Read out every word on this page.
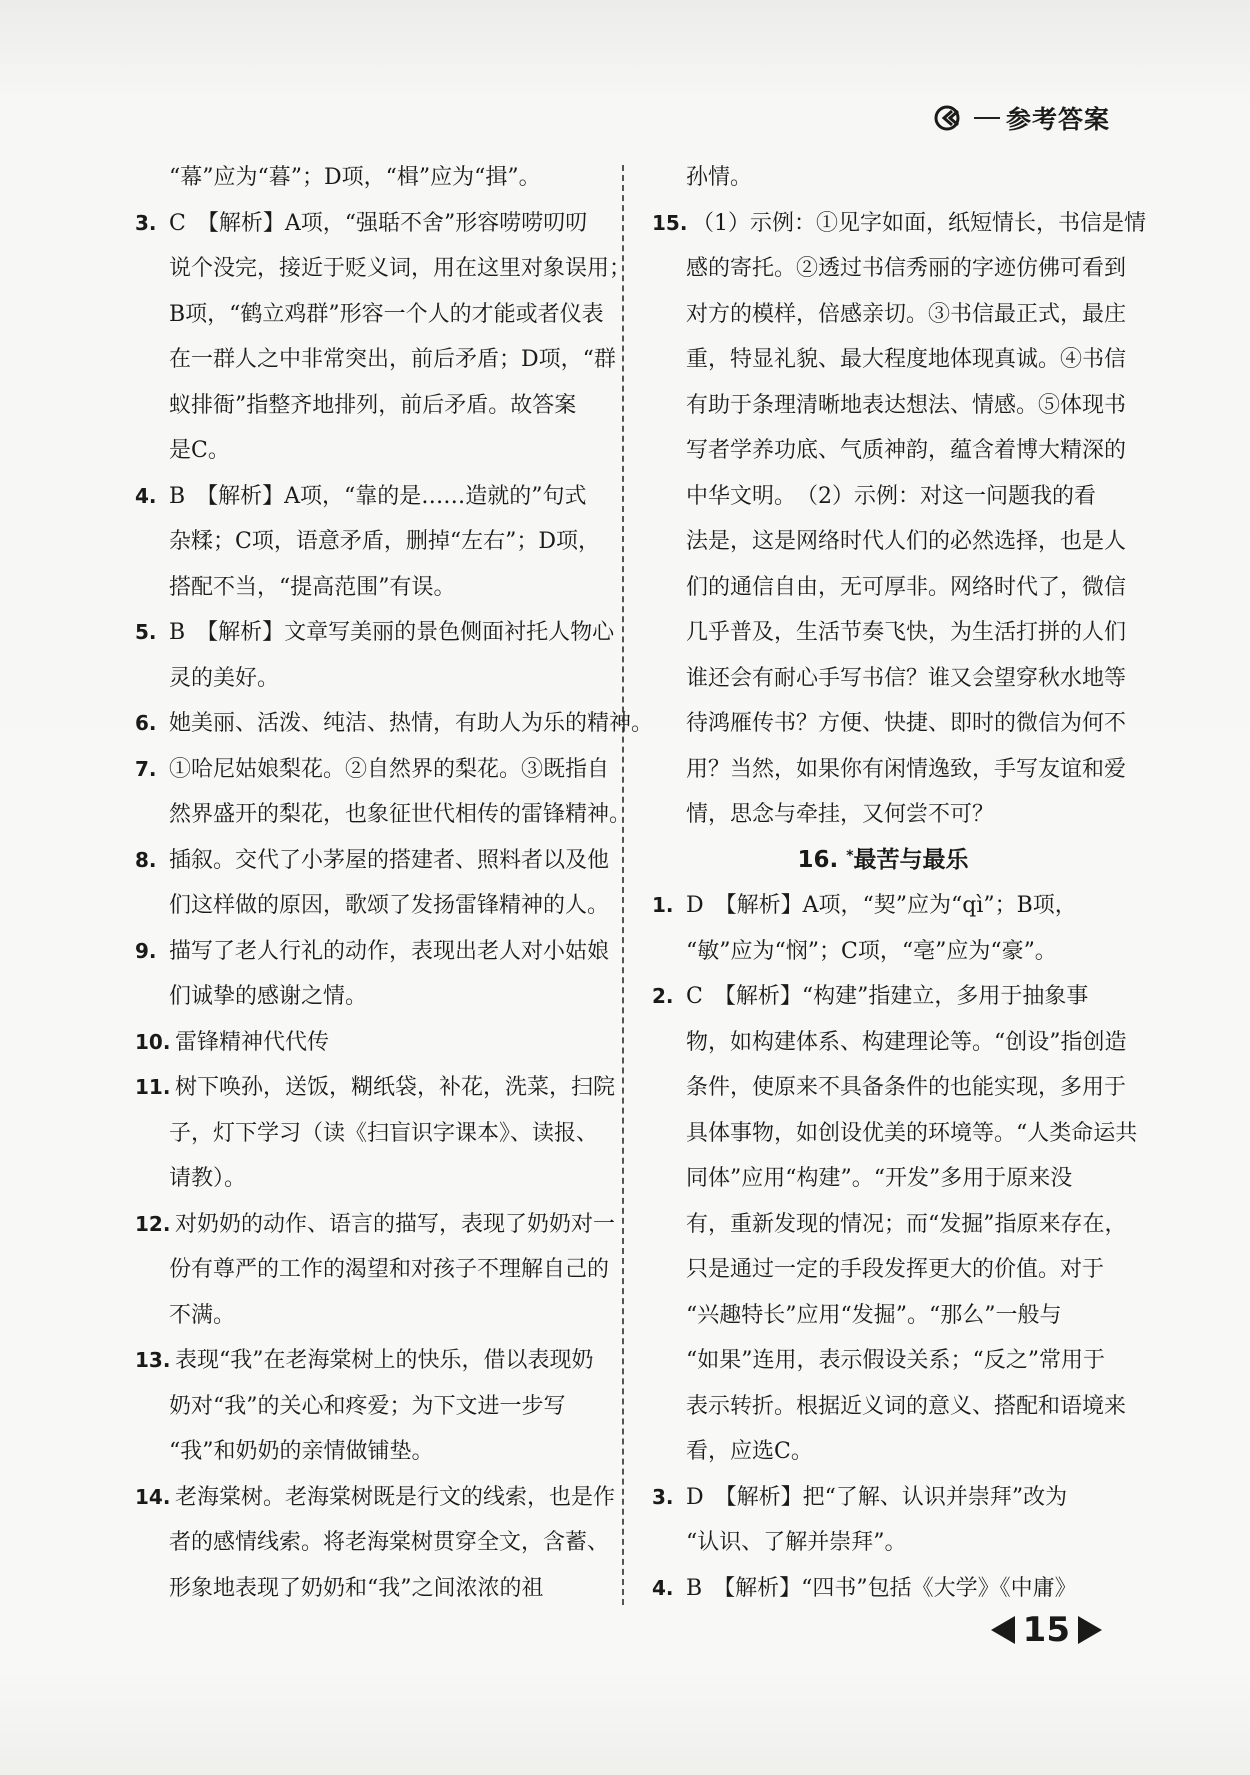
参考答案
“幕”应为“暮”；D项，“楫”应为“揖”。
3. C　【解析】A项，“强聒不舍”形容唠唠叨叨
说个没完，接近于贬义词，用在这里对象误用；
B项，“鹤立鸡群”形容一个人的才能或者仪表
在一群人之中非常突出，前后矛盾；D项，“群
蚁排衙”指整齐地排列，前后矛盾。故答案
是C。
4. B　【解析】A项，“靠的是……造就的”句式
杂糅；C项，语意矛盾，删掉“左右”；D项，
搭配不当，“提高范围”有误。
5. B　【解析】文章写美丽的景色侧面衬托人物心
灵的美好。
6. 她美丽、活泼、纯洁、热情，有助人为乐的精神。
7. ①哈尼姑娘梨花。②自然界的梨花。③既指自
然界盛开的梨花，也象征世代相传的雷锋精神。
8. 插叙。交代了小茅屋的搭建者、照料者以及他
们这样做的原因，歌颂了发扬雷锋精神的人。
9. 描写了老人行礼的动作，表现出老人对小姑娘
们诚挚的感谢之情。
10. 雷锋精神代代传
11. 树下唤孙，送饭，糊纸袋，补花，洗菜，扫院
子，灯下学习（读《扫盲识字课本》、读报、
请教）。
12. 对奶奶的动作、语言的描写，表现了奶奶对一
份有尊严的工作的渴望和对孩子不理解自己的
不满。
13. 表现“我”在老海棠树上的快乐，借以表现奶
奶对“我”的关心和疼爱；为下文进一步写
“我”和奶奶的亲情做铺垫。
14. 老海棠树。老海棠树既是行文的线索，也是作
者的感情线索。将老海棠树贯穿全文，含蓄、
形象地表现了奶奶和“我”之间浓浓的祖
孙情。
15. （1）示例：①见字如面，纸短情长，书信是情
感的寄托。②透过书信秀丽的字迹仿佛可看到
对方的模样，倍感亲切。③书信最正式，最庄
重，特显礼貌、最大程度地体现真诚。④书信
有助于条理清晰地表达想法、情感。⑤体现书
写者学养功底、气质神韵，蕴含着博大精深的
中华文明。　（2）示例：对这一问题我的看
法是，这是网络时代人们的必然选择，也是人
们的通信自由，无可厚非。网络时代了，微信
几乎普及，生活节奏飞快，为生活打拼的人们
谁还会有耐心手写书信？谁又会望穿秋水地等
待鸿雁传书？方便、快捷、即时的微信为何不
用？当然，如果你有闲情逸致，手写友谊和爱
情，思念与牵挂，又何尝不可？
16. *最苦与最乐
1. D　【解析】A项，“契”应为“qì”；B项，
“敏”应为“悯”；C项，“亳”应为“豪”。
2. C　【解析】“构建”指建立，多用于抽象事
物，如构建体系、构建理论等。“创设”指创造
条件，使原来不具备条件的也能实现，多用于
具体事物，如创设优美的环境等。“人类命运共
同体”应用“构建”。“开发”多用于原来没
有，重新发现的情况；而“发掘”指原来存在，
只是通过一定的手段发挥更大的价值。对于
“兴趣特长”应用“发掘”。“那么”一般与
“如果”连用，表示假设关系；“反之”常用于
表示转折。根据近义词的意义、搭配和语境来
看，应选C。
3. D　【解析】把“了解、认识并崇拜”改为
“认识、了解并崇拜”。
4. B　【解析】“四书”包括《大学》《中庸》
15
